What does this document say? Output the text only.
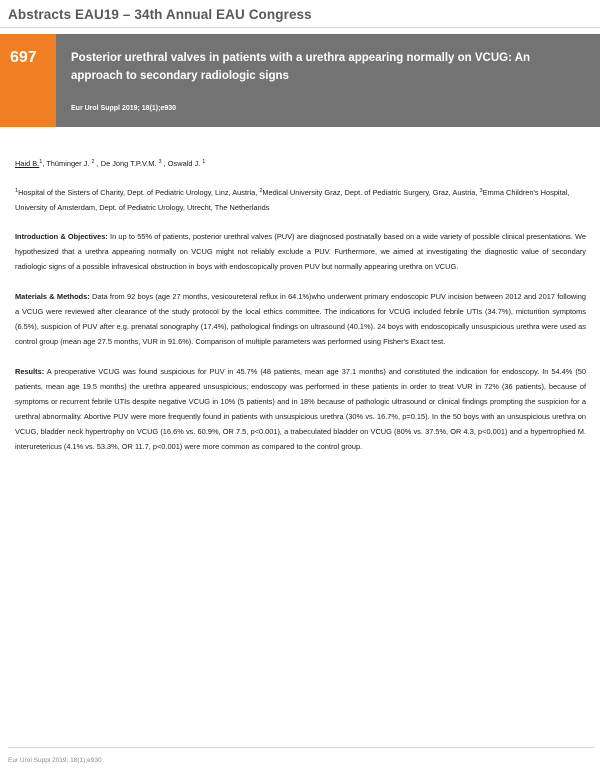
Abstracts EAU19 – 34th Annual EAU Congress
697	Posterior urethral valves in patients with a urethra appearing normally on VCUG: An approach to secondary radiologic signs
Eur Urol Suppl 2019; 18(1);e930

Haid B.$^1$, Thüminger J. $^2$ , De Jong T.P.V.M. $^3$ , Oswald J. $^1$

$^1$Hospital of the Sisters of Charity, Dept. of Pediatric Urology, Linz, Austria, $^2$Medical University Graz, Dept. of Pediatric Surgery, Graz, Austria, $^3$Emma Children's Hospital, University of Amsterdam, Dept. of Pediatric Urology, Utrecht, The Netherlands

Introduction & Objectives: In up to 55% of patients, posterior urethral valves (PUV) are diagnosed postnatally based on a wide variety of possible clinical presentations. We hypothesized that a urethra appearing normally on VCUG might not reliably exclude a PUV. Furthermore, we aimed at investigating the diagnostic value of secondary radiologic signs of a possible infravesical obstruction in boys with endoscopically proven PUV but normally appearing urethra on VCUG.

Materials & Methods: Data from 92 boys (age 27 months, vesicoureteral reflux in 64.1%)who underwent primary endoscopic PUV incision between 2012 and 2017 following a VCUG were reviewed after clearance of the study protocol by the local ethics committee. The indications for VCUG included febrile UTIs (34.7%), micturition symptoms (6.5%), suspicion of PUV after e.g. prenatal sonography (17.4%), pathological findings on ultrasound (40.1%). 24 boys with endoscopically unsuspicious urethra were used as control group (mean age 27.5 months, VUR in 91.6%). Comparison of multiple parameters was performed using Fisher's Exact test.

Results: A preoperative VCUG was found suspicious for PUV in 45.7% (48 patients, mean age 37.1 months) and constituted the indication for endoscopy. In 54.4% (50 patients, mean age 19.5 months) the urethra appeared unsuspicious; endoscopy was performed in these patients in order to treat VUR in 72% (36 patients), because of symptoms or recurrent febrile UTIs despite negative VCUG in 10% (5 patients) and in 18% because of pathologic ultrasound or clinical findings prompting the suspicion for a urethral abnormality. Abortive PUV were more frequently found in patients with unsuspicious urethra (30% vs. 16.7%, p=0.15). In the 50 boys with an unsuspicious urethra on VCUG, bladder neck hypertrophy on VCUG (16.6% vs. 60.9%, OR 7.5, p<0.001), a trabeculated bladder on VCUG (80% vs. 37.5%, OR 4.3, p<0.001) and a hypertrophied M. interuretericus (4.1% vs. 53.3%, OR 11.7, p<0.001) were more common as compared to the control group.

Eur Urol Suppl 2019; 18(1);e930
